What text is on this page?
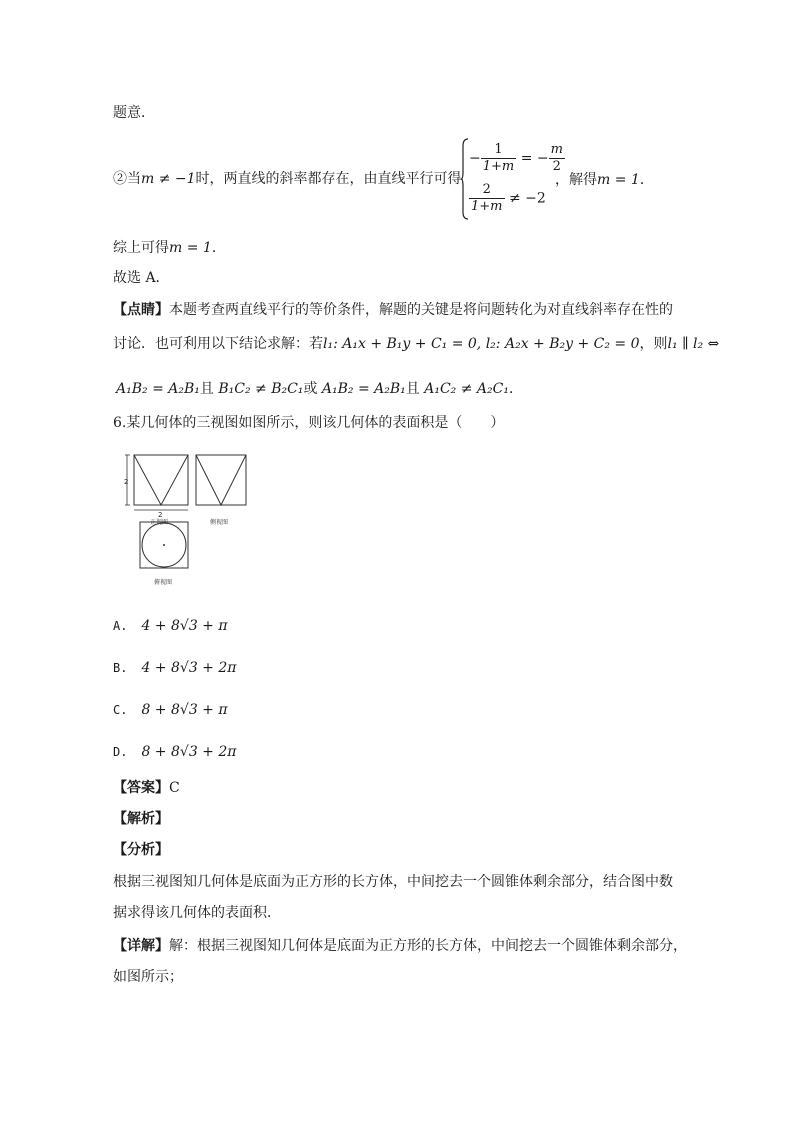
题意．
②当m ≠ −1时，两直线的斜率都存在，由直线平行可得
− $\frac{1}{1+m}$ = − $\frac{m}{2}$
$\frac{2}{1+m} \ne -2$
，解得m = 1．
综上可得m = 1．
故选 A．
【点睛】本题考查两直线平行的等价条件，解题的关键是将问题转化为对直线斜率存在性的
讨论．也可利用以下结论求解：若l₁: A₁x + B₁y + C₁ = 0, l₂: A₂x + B₂y + C₂ = 0，则l₁ ∥ l₂ ⇔
A₁B₂ = A₂B₁且 B₁C₂ ≠ B₂C₁或 A₁B₂ = A₂B₁且 A₁C₂ ≠ A₂C₁．
6.某几何体的三视图如图所示，则该几何体的表面积是（　　）
2
2
正视图	侧视图
俯视图
A. 4 + 8√3 + π
B. 4 + 8√3 + 2π
C. 8 + 8√3 + π
D. 8 + 8√3 + 2π
【答案】C
【解析】
【分析】
根据三视图知几何体是底面为正方形的长方体，中间挖去一个圆锥体剩余部分，结合图中数
据求得该几何体的表面积．
【详解】解：根据三视图知几何体是底面为正方形的长方体，中间挖去一个圆锥体剩余部分，
如图所示；
